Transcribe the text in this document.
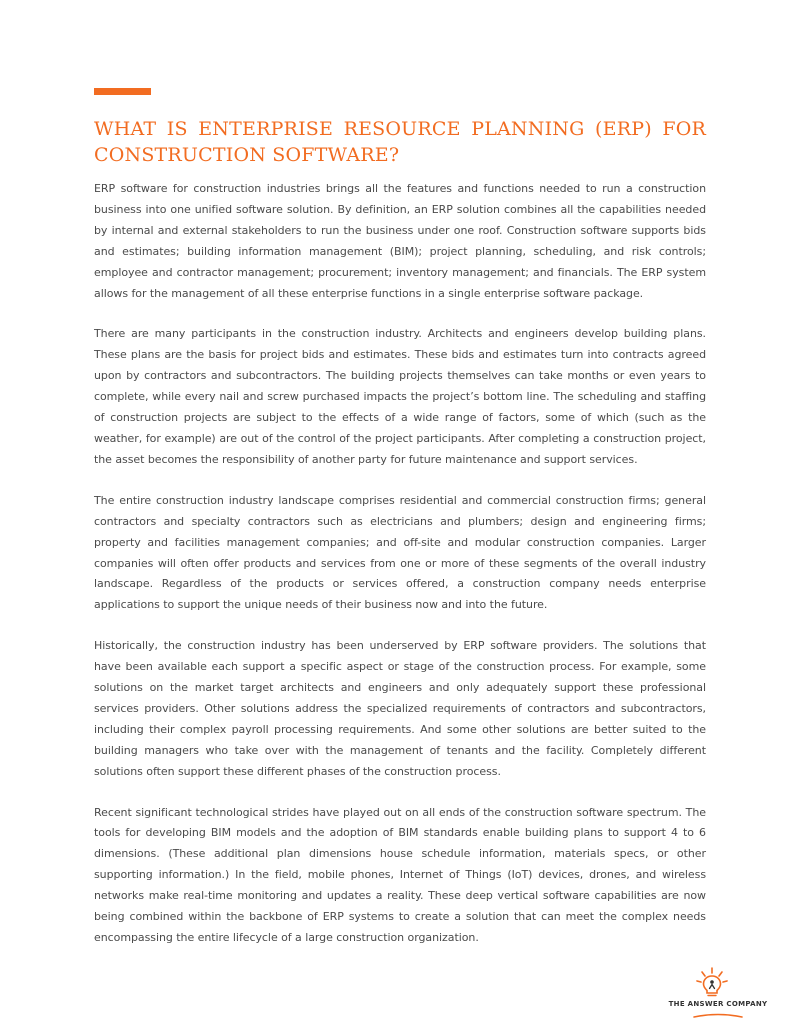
WHAT IS ENTERPRISE RESOURCE PLANNING (ERP) FOR CONSTRUCTION SOFTWARE?

ERP software for construction industries brings all the features and functions needed to run a construction business into one unified software solution. By definition, an ERP solution combines all the capabilities needed by internal and external stakeholders to run the business under one roof. Construction software supports bids and estimates; building information management (BIM); project planning, scheduling, and risk controls; employee and contractor management; procurement; inventory management; and financials. The ERP system allows for the management of all these enterprise functions in a single enterprise software package.

There are many participants in the construction industry. Architects and engineers develop building plans. These plans are the basis for project bids and estimates. These bids and estimates turn into contracts agreed upon by contractors and subcontractors. The building projects themselves can take months or even years to complete, while every nail and screw purchased impacts the project’s bottom line. The scheduling and staffing of construction projects are subject to the effects of a wide range of factors, some of which (such as the weather, for example) are out of the control of the project participants. After completing a construction project, the asset becomes the responsibility of another party for future maintenance and support services.

The entire construction industry landscape comprises residential and commercial construction firms; general contractors and specialty contractors such as electricians and plumbers; design and engineering firms; property and facilities management companies; and off-site and modular construction companies. Larger companies will often offer products and services from one or more of these segments of the overall industry landscape. Regardless of the products or services offered, a construction company needs enterprise applications to support the unique needs of their business now and into the future.

Historically, the construction industry has been underserved by ERP software providers. The solutions that have been available each support a specific aspect or stage of the construction process. For example, some solutions on the market target architects and engineers and only adequately support these professional services providers. Other solutions address the specialized requirements of contractors and subcontractors, including their complex payroll processing requirements. And some other solutions are better suited to the building managers who take over with the management of tenants and the facility. Completely different solutions often support these different phases of the construction process.

Recent significant technological strides have played out on all ends of the construction software spectrum. The tools for developing BIM models and the adoption of BIM standards enable building plans to support 4 to 6 dimensions. (These additional plan dimensions house schedule information, materials specs, or other supporting information.) In the field, mobile phones, Internet of Things (IoT) devices, drones, and wireless networks make real-time monitoring and updates a reality. These deep vertical software capabilities are now being combined within the backbone of ERP systems to create a solution that can meet the complex needs encompassing the entire lifecycle of a large construction organization.

THE ANSWER COMPANY
